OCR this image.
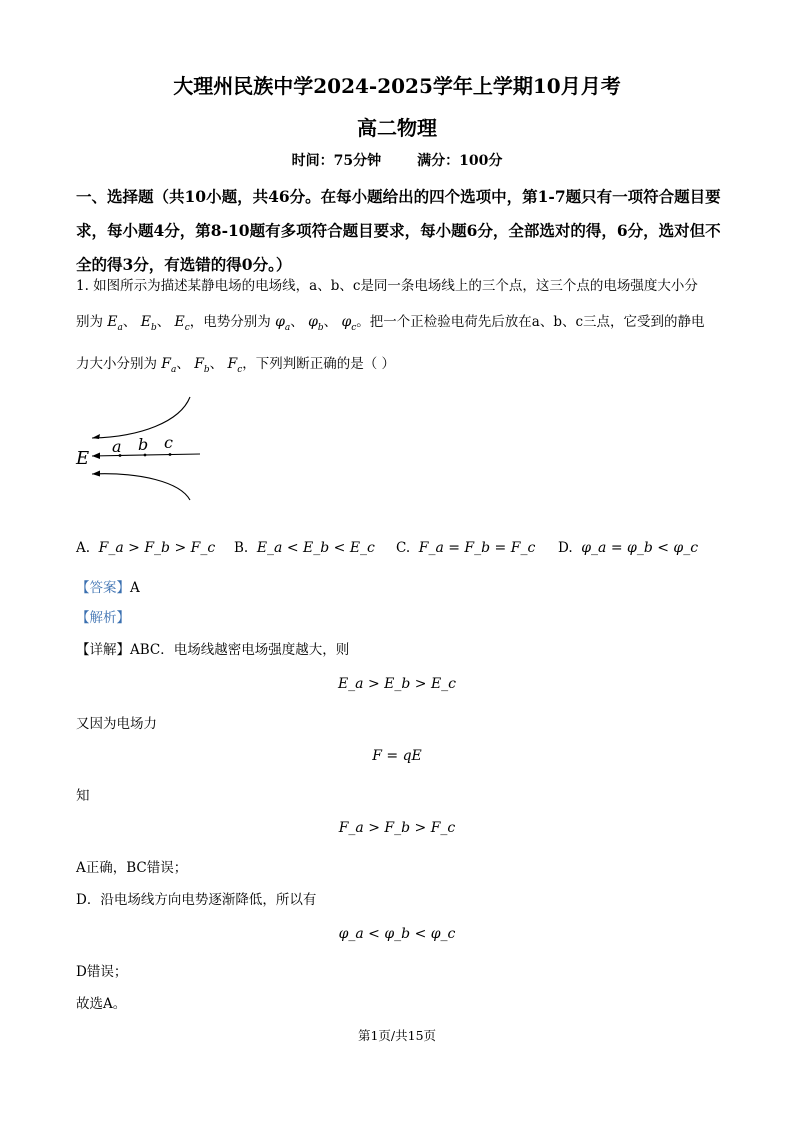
大理州民族中学2024-2025学年上学期10月月考
高二物理
时间：75分钟	满分：100分
一、选择题（共10小题，共46分。在每小题给出的四个选项中，第1-7题只有一项符合题目要求，每小题4分，第8-10题有多项符合题目要求，每小题6分，全部选对的得，6分，选对但不全的得3分，有选错的得0分。）
1. 如图所示为描述某静电场的电场线，a、b、c是同一条电场线上的三个点，这三个点的电场强度大小分
别为 $E_a$、 $E_b$、 $E_c$，电势分别为 $\varphi_a$、 $\varphi_b$、 $\varphi_c$。把一个正检验电荷先后放在a、b、c三点，它受到的静电
力大小分别为 $F_a$、 $F_b$、 $F_c$，下列判断正确的是（ ）
E
a b c
A. F_a > F_b > F_c B. E_a < E_b < E_c C. F_a = F_b = F_c D. φ_a = φ_b < φ_c
【答案】A
【解析】
【详解】ABC．电场线越密电场强度越大，则
E_a > E_b > E_c
又因为电场力
F = qE
知
F_a > F_b > F_c
A正确，BC错误；
D．沿电场线方向电势逐渐降低，所以有
φ_a < φ_b < φ_c
D错误；
故选A。
第1页/共15页
